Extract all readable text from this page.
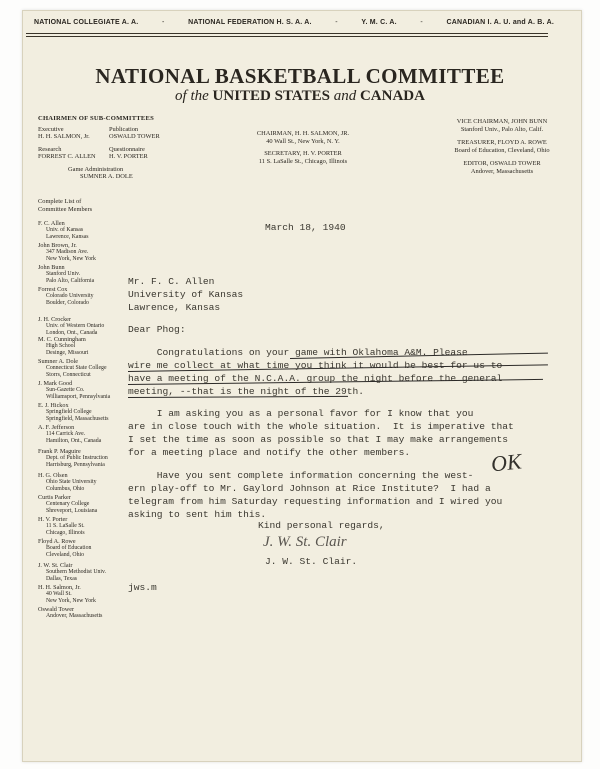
NATIONAL COLLEGIATE A. A.	-	NATIONAL FEDERATION H. S. A. A.	-	Y. M. C. A.	-	CANADIAN I. A. U. and A. B. A.
NATIONAL BASKETBALL COMMITTEE
of the UNITED STATES and CANADA
CHAIRMEN OF SUB-COMMITTEES
Executive
H. H. SALMON, Jr.
Publication
OSWALD TOWER
Research
FORREST C. ALLEN
Questionnaire
H. V. PORTER
Game Administration
SUMNER A. DOLE
CHAIRMAN, H. H. SALMON, JR.
40 Wall St., New York, N. Y.
SECRETARY, H. V. PORTER
11 S. LaSalle St., Chicago, Illinois
VICE CHAIRMAN, JOHN BUNN
Stanford Univ., Palo Alto, Calif.
TREASURER, FLOYD A. ROWE
Board of Education, Cleveland, Ohio
EDITOR, OSWALD TOWER
Andover, Massachusetts
Complete List of
Committee Members
F. C. Allen
Univ. of Kansas
Lawrence, Kansas
John Brown, Jr.
347 Madison Ave.
New York, New York
John Bunn
Stanford Univ.
Palo Alto, California
Forrest Cox
Colorado University
Boulder, Colorado
J. H. Crocker
Univ. of Western Ontario
London, Ont., Canada
M. C. Cunningham
High School
Desinge, Missouri
Sumner A. Dole
Connecticut State College
Storrs, Connecticut
J. Mark Good
Sun-Gazette Co.
Williamsport, Pennsylvania
E. J. Hickox
Springfield College
Springfield, Massachusetts
A. F. Jefferson
114 Carrick Ave.
Hamilton, Ont., Canada
Frank P. Maguire
Dept. of Public Instruction
Harrisburg, Pennsylvania
H. G. Olsen
Ohio State University
Columbus, Ohio
Curtis Parker
Centenary College
Shreveport, Louisiana
H. V. Porter
11 S. LaSalle St.
Chicago, Illinois
Floyd A. Rowe
Board of Education
Cleveland, Ohio
J. W. St. Clair
Southern Methodist Univ.
Dallas, Texas
H. H. Salmon, Jr.
40 Wall St.
New York, New York
Oswald Tower
Andover, Massachusetts
March 18, 1940
Mr. F. C. Allen
University of Kansas
Lawrence, Kansas
Dear Phog:
Congratulations on your game with Oklahoma A&M. Please
wire me collect at what time you think it would be best for us to
have a meeting of the N.C.A.A. group the night before the general
meeting, --that is the night of the 29th.
I am asking you as a personal favor for I know that you
are in close touch with the whole situation.  It is imperative that
I set the time as soon as possible so that I may make arrangements
for a meeting place and notify the other members.
Have you sent complete information concerning the west-
ern play-off to Mr. Gaylord Johnson at Rice Institute?  I had a
telegram from him Saturday requesting information and I wired you
asking to sent him this.
OK
Kind personal regards,
J. W. St. Clair
J. W. St. Clair.
jws.m
